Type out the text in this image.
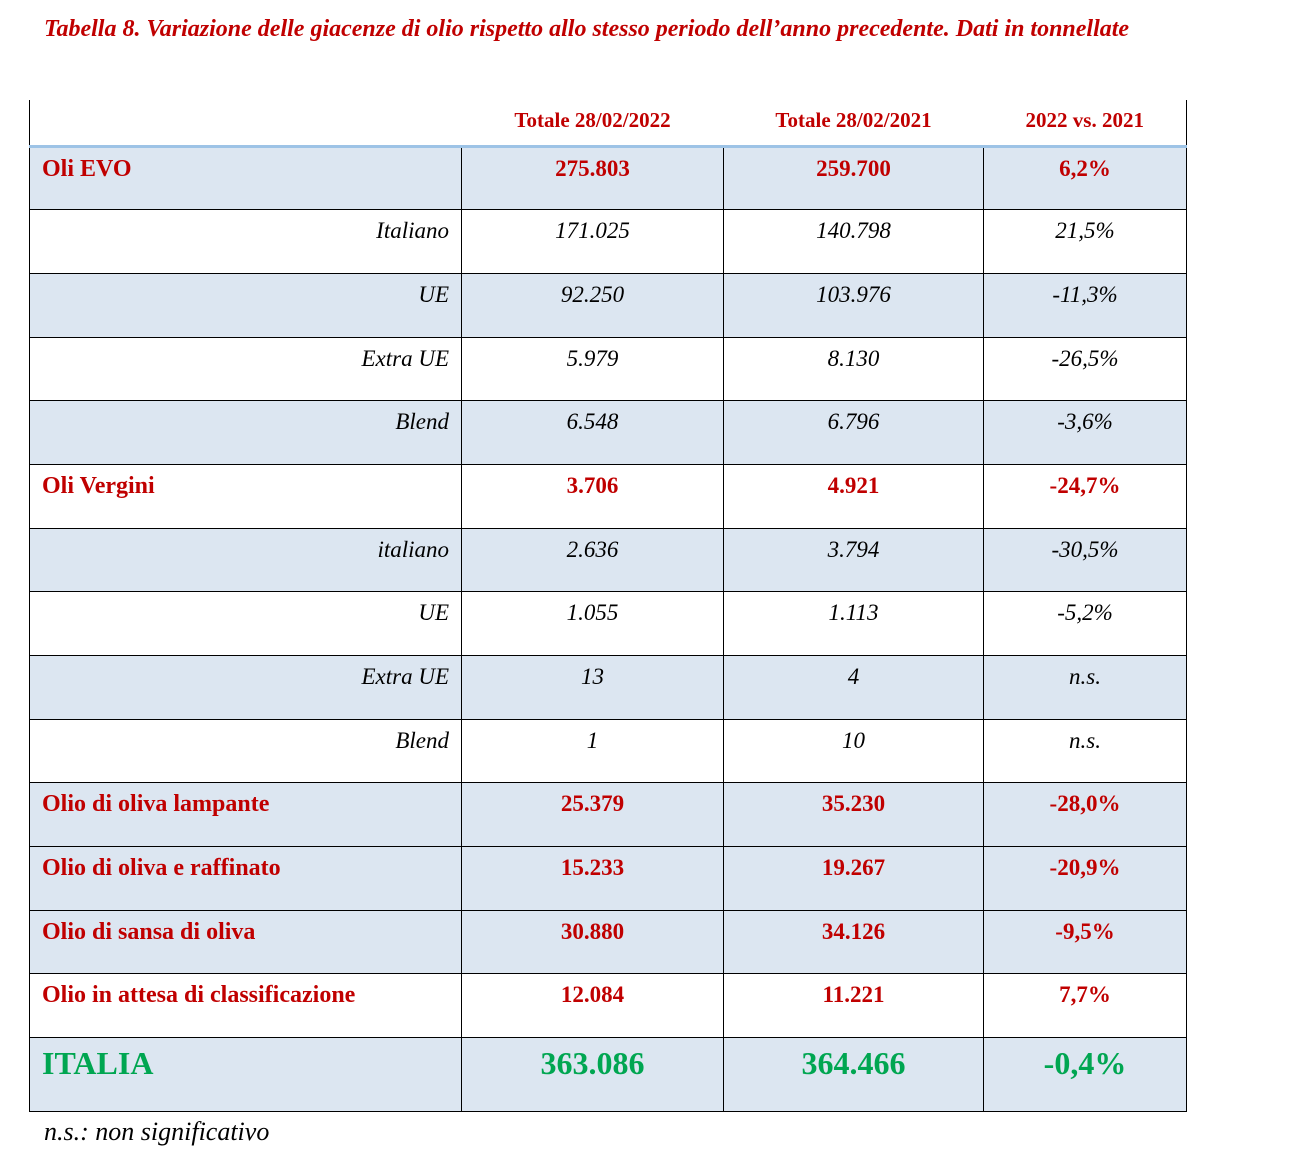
Tabella 8. Variazione delle giacenze di olio rispetto allo stesso periodo dell’anno precedente. Dati in tonnellate
	Totale 28/02/2022	Totale 28/02/2021	2022 vs. 2021
Oli EVO	275.803	259.700	6,2%
Italiano	171.025	140.798	21,5%
UE	92.250	103.976	-11,3%
Extra UE	5.979	8.130	-26,5%
Blend	6.548	6.796	-3,6%
Oli Vergini	3.706	4.921	-24,7%
italiano	2.636	3.794	-30,5%
UE	1.055	1.113	-5,2%
Extra UE	13	4	n.s.
Blend	1	10	n.s.
Olio di oliva lampante	25.379	35.230	-28,0%
Olio di oliva e raffinato	15.233	19.267	-20,9%
Olio di sansa di oliva	30.880	34.126	-9,5%
Olio in attesa di classificazione	12.084	11.221	7,7%
ITALIA	363.086	364.466	-0,4%
n.s.: non significativo
